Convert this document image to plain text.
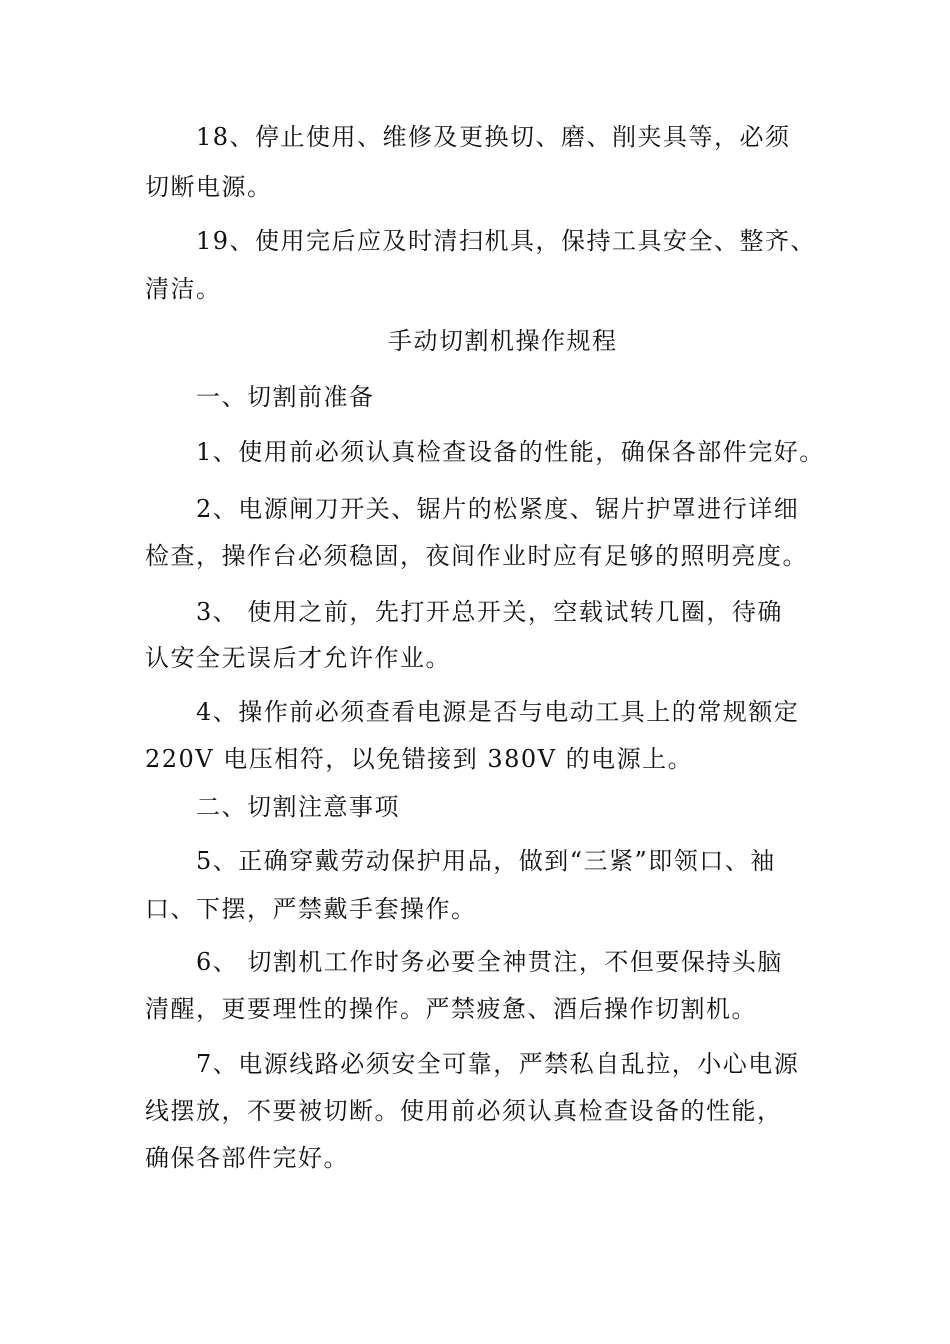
18、停止使用、维修及更换切、磨、削夹具等，必须
切断电源。
19、使用完后应及时清扫机具，保持工具安全、整齐、
清洁。
手动切割机操作规程
一、切割前准备
1、使用前必须认真检查设备的性能，确保各部件完好。
2、电源闸刀开关、锯片的松紧度、锯片护罩进行详细
检查，操作台必须稳固，夜间作业时应有足够的照明亮度。
3、 使用之前，先打开总开关，空载试转几圈，待确
认安全无误后才允许作业。
4、操作前必须查看电源是否与电动工具上的常规额定
220V 电压相符，以免错接到 380V 的电源上。
二、切割注意事项
5、正确穿戴劳动保护用品，做到“三紧”即领口、袖
口、下摆，严禁戴手套操作。
6、 切割机工作时务必要全神贯注，不但要保持头脑
清醒，更要理性的操作。严禁疲惫、酒后操作切割机。
7、电源线路必须安全可靠，严禁私自乱拉，小心电源
线摆放，不要被切断。使用前必须认真检查设备的性能，
确保各部件完好。
